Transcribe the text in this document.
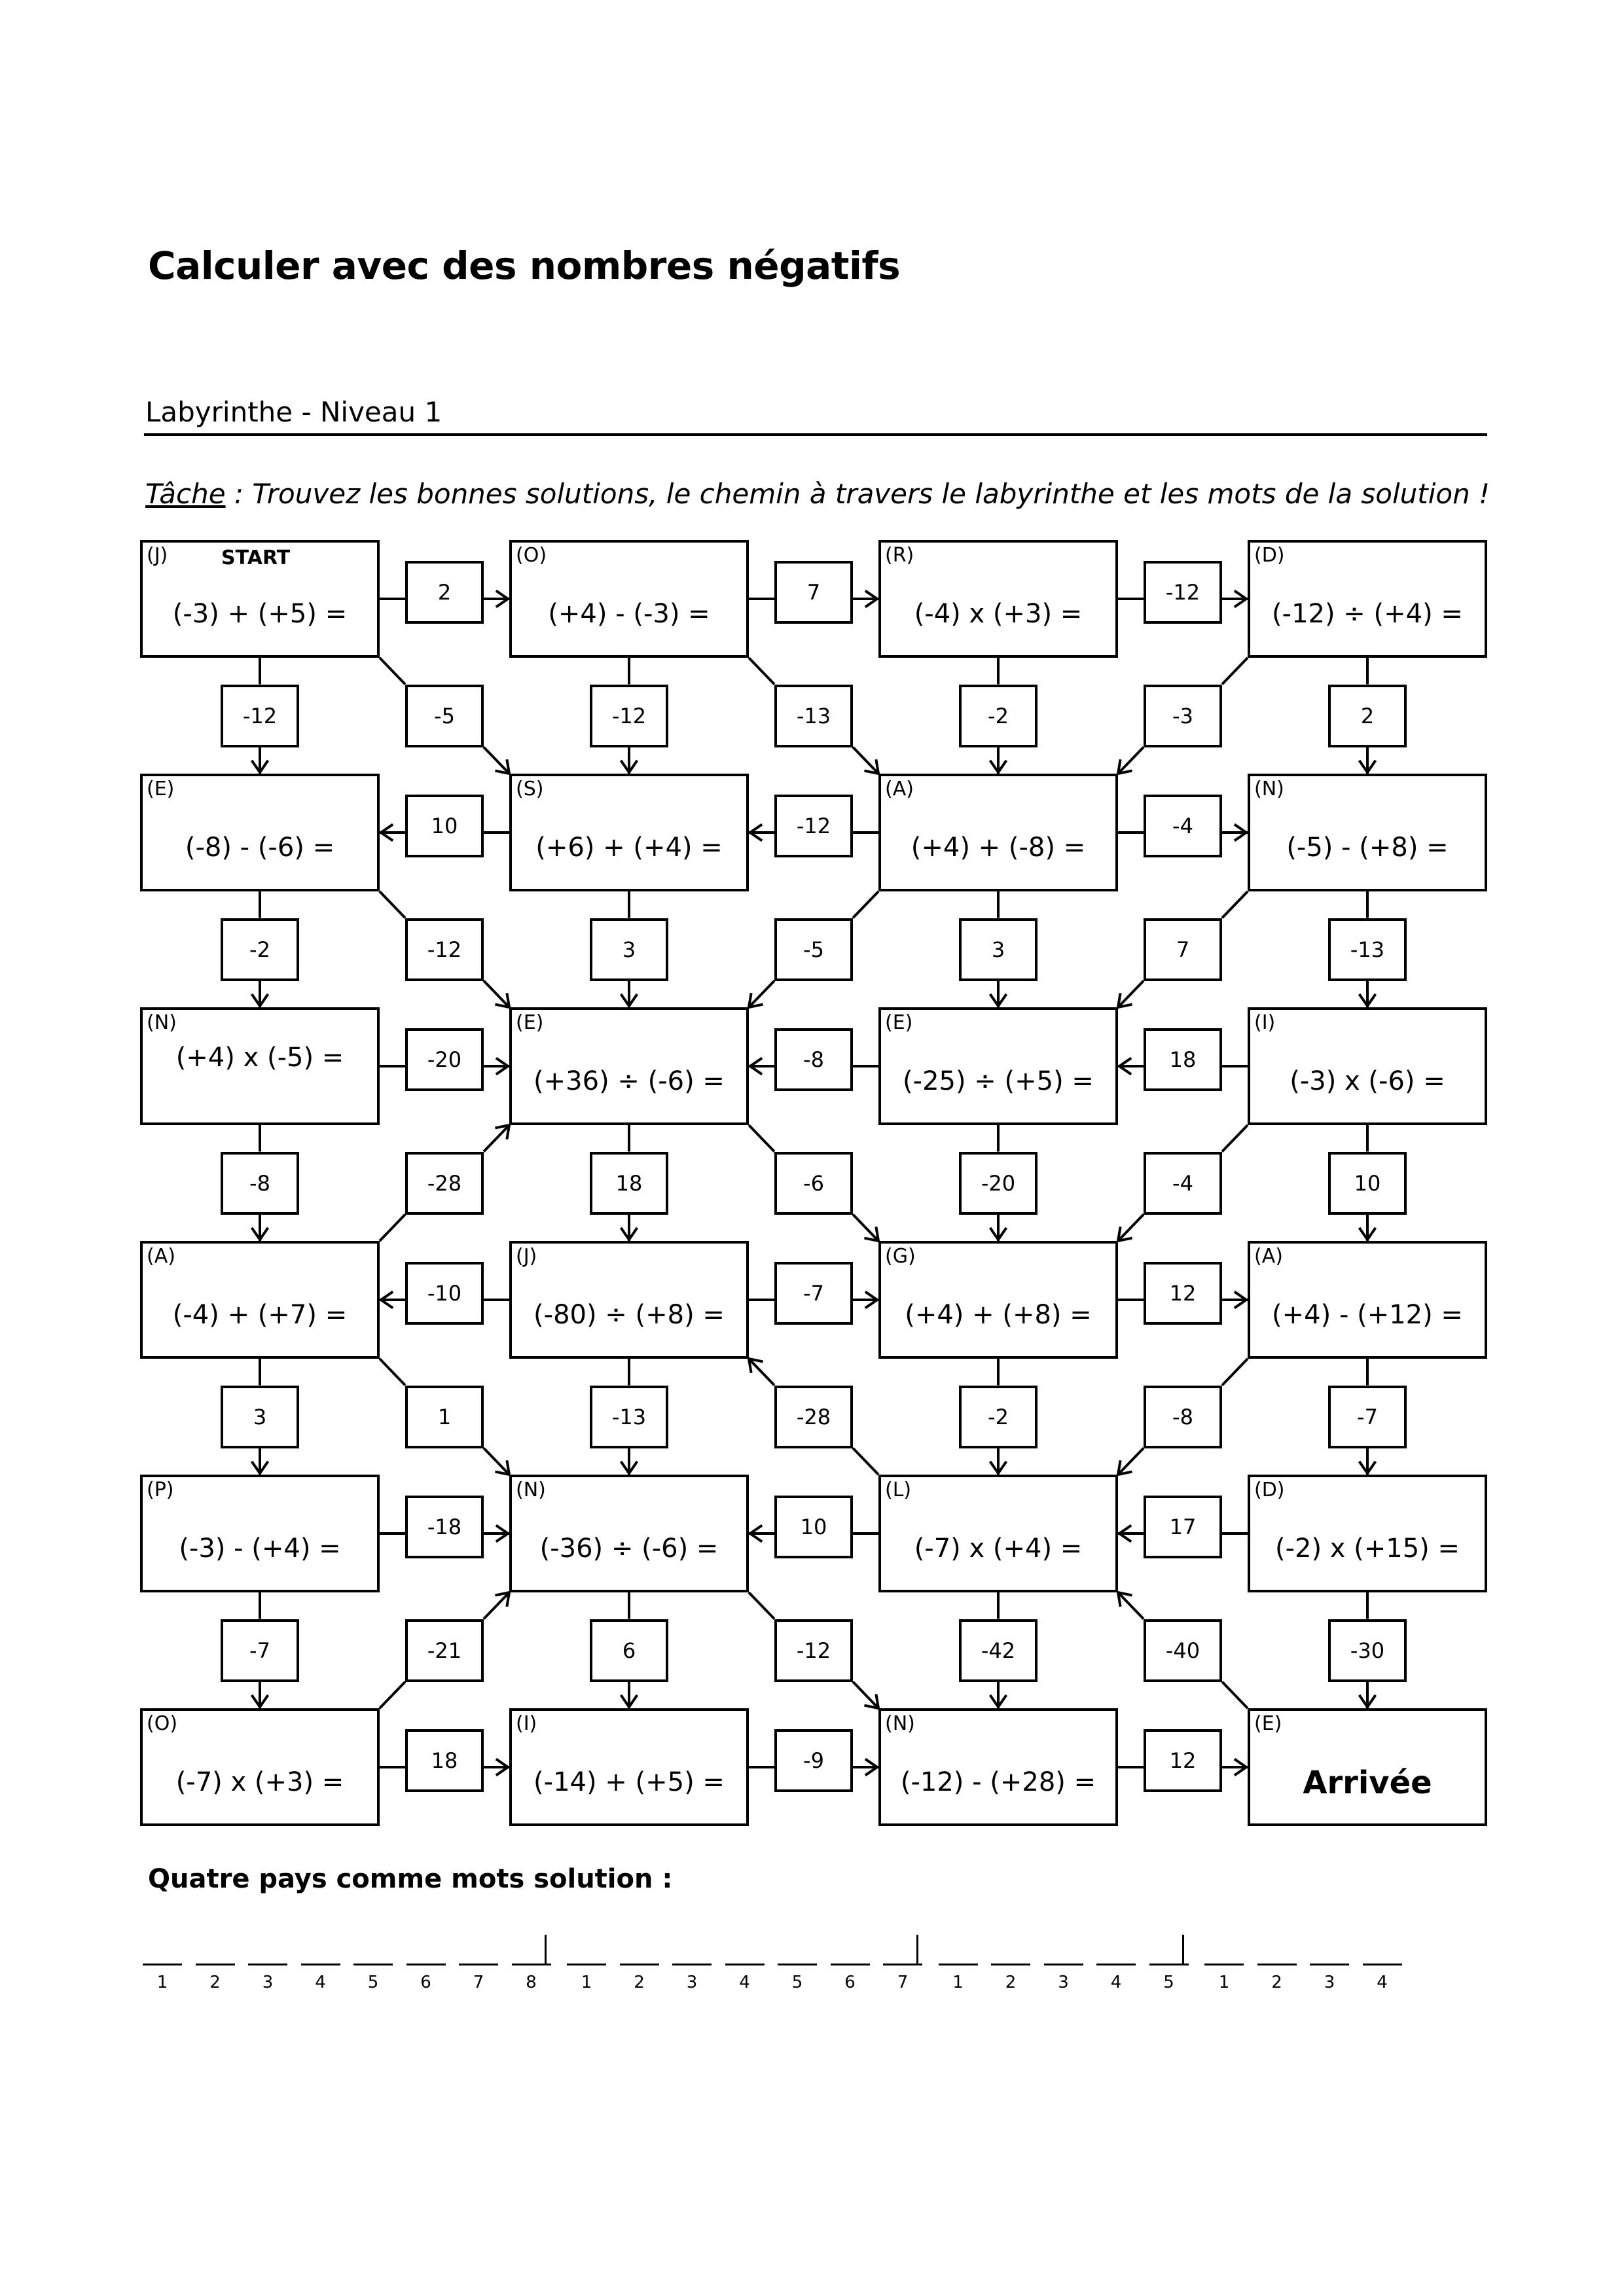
Calculer avec des nombres négatifs
Labyrinthe - Niveau 1
Tâche : Trouvez les bonnes solutions, le chemin à travers le labyrinthe et les mots de la solution !
(J)	START
(-3) + (+5) =
(O)
(+4) - (-3) =
(R)
(-4) x (+3) =
(D)
(-12) ÷ (+4) =
(E)
(-8) - (-6) =
(S)
(+6) + (+4) =
(A)
(+4) + (-8) =
(N)
(-5) - (+8) =
(N)
(+4) x (-5) =
(E)
(+36) ÷ (-6) =
(E)
(-25) ÷ (+5) =
(I)
(-3) x (-6) =
(A)
(-4) + (+7) =
(J)
(-80) ÷ (+8) =
(G)
(+4) + (+8) =
(A)
(+4) - (+12) =
(P)
(-3) - (+4) =
(N)
(-36) ÷ (-6) =
(L)
(-7) x (+4) =
(D)
(-2) x (+15) =
(O)
(-7) x (+3) =
(I)
(-14) + (+5) =
(N)
(-12) - (+28) =
(E)
Arrivée
2	7	-12
10	-12	-4
-20	-8	18
-10	-7	12
-18	10	17
18	-9	12
-12	-5	-12	-13	-2	-3	2
-2	-12	3	-5	3	7	-13
-8	-28	18	-6	-20	-4	10
3	1	-13	-28	-2	-8	-7
-7	-21	6	-12	-42	-40	-30
Quatre pays comme mots solution :
1	2	3	4	5	6	7	8	1	2	3	4	5	6	7	1	2	3	4	5	1	2	3	4
